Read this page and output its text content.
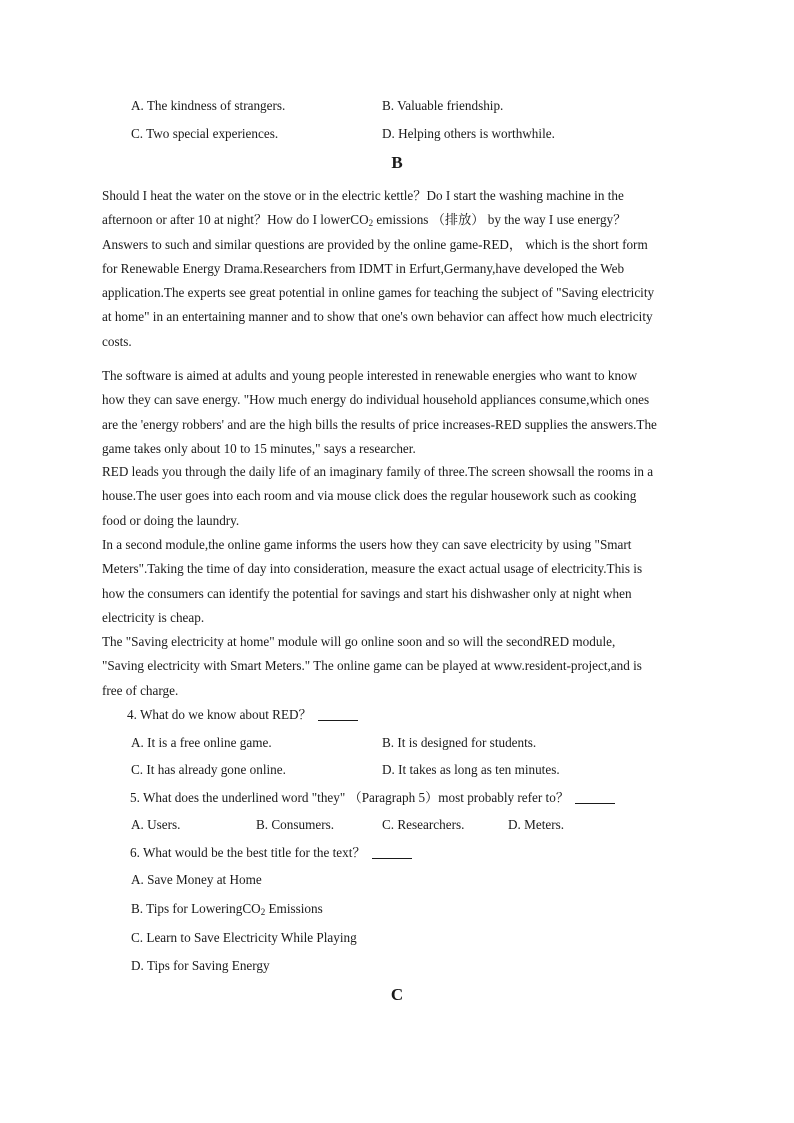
A. The kindness of strangers.	B. Valuable friendship.
C. Two special experiences.	D. Helping others is worthwhile.
B
Should I heat the water on the stove or in the electric kettle？Do I start the washing machine in the
afternoon or after 10 at night？How do I lowerCO$_2$ emissions （排放） by the way I use energy？
Answers to such and similar questions are provided by the online game-RED， which is the short form
for Renewable Energy Drama.Researchers from IDMT in Erfurt,Germany,have developed the Web
application.The experts see great potential in online games for teaching the subject of "Saving electricity
at home" in an entertaining manner and to show that one's own behavior can affect how much electricity
costs.
The software is aimed at adults and young people interested in renewable energies who want to know
how they can save energy. "How much energy do individual household appliances consume,which ones
are the 'energy robbers' and are the high bills the results of price increases-RED supplies the answers.The
game takes only about 10 to 15 minutes," says a researcher.
RED leads you through the daily life of an imaginary family of three.The screen showsall the rooms in a
house.The user goes into each room and via mouse click does the regular housework such as cooking
food or doing the laundry.
In a second module,the online game informs the users how they can save electricity by using "Smart
Meters".Taking the time of day into consideration, measure the exact actual usage of electricity.This is
how the consumers can identify the potential for savings and start his dishwasher only at night when
electricity is cheap.
The "Saving electricity at home" module will go online soon and so will the secondRED module,
"Saving electricity with Smart Meters." The online game can be played at www.resident-project,and is
free of charge.
4. What do we know about RED？
A. It is a free online game.	B. It is designed for students.
C. It has already gone online.	D. It takes as long as ten minutes.
5. What does the underlined word "they" （Paragraph 5）most probably refer to？
A. Users.	B. Consumers.	C. Researchers.	D. Meters.
6. What would be the best title for the text？
A. Save Money at Home
B. Tips for LoweringCO$_2$ Emissions
C. Learn to Save Electricity While Playing
D. Tips for Saving Energy
C
